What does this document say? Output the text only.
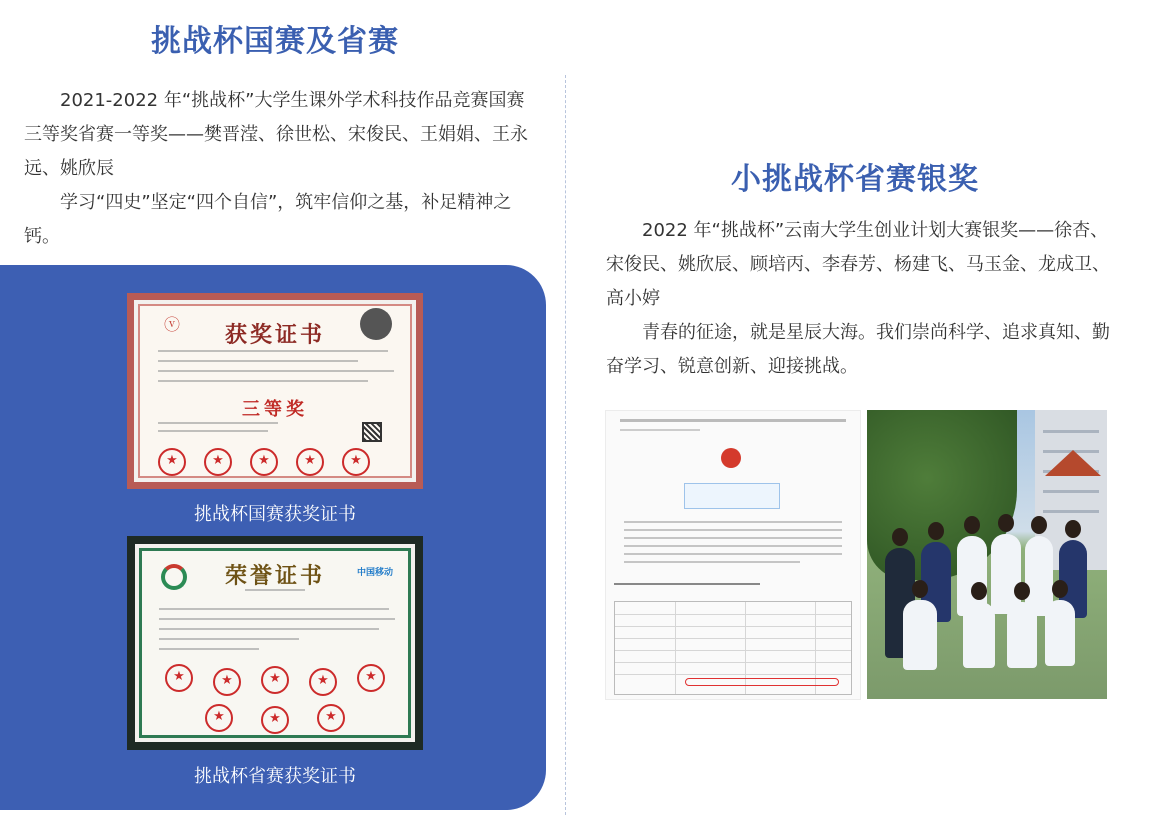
挑战杯国赛及省赛

2021-2022 年“挑战杯”大学生课外学术科技作品竞赛国赛三等奖省赛一等奖——樊晋滢、徐世松、宋俊民、王娟娟、王永远、姚欣辰

学习“四史”坚定“四个自信”，筑牢信仰之基，补足精神之钙。

ⓥ	获奖证书
三等奖
★
★
★
★
★
挑战杯国赛获奖证书
中国移动
荣誉证书
★
★
★
★
★
★
★
★
挑战杯省赛获奖证书
小挑战杯省赛银奖

2022 年“挑战杯”云南大学生创业计划大赛银奖——徐杏、宋俊民、姚欣辰、顾培丙、李春芳、杨建飞、马玉金、龙成卫、高小婷

青春的征途，就是星辰大海。我们崇尚科学、追求真知、勤奋学习、锐意创新、迎接挑战。
